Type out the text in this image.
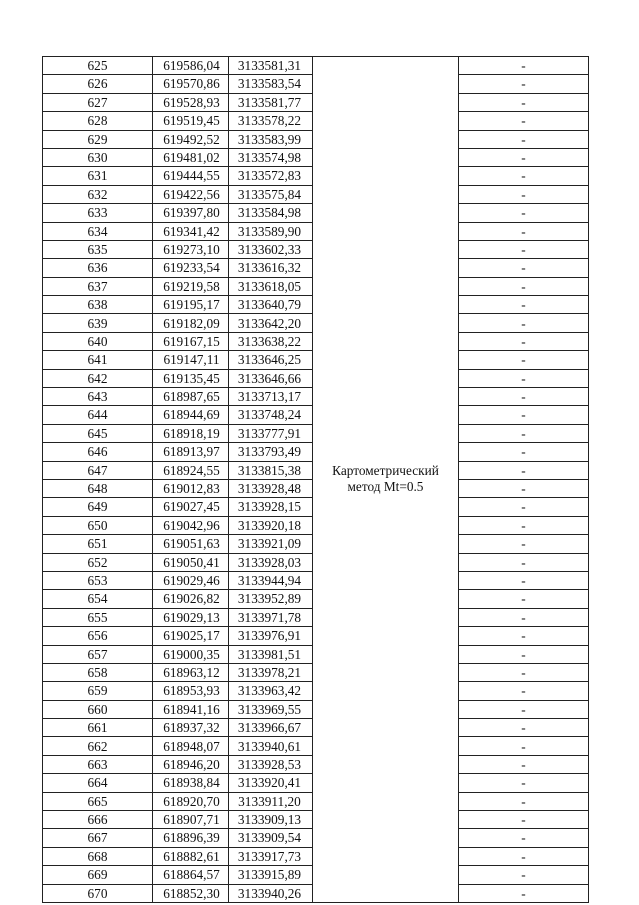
625	619586,04	3133581,31	Картометрический
метод Mt=0.5	-
626	619570,86	3133583,54		-
627	619528,93	3133581,77		-
628	619519,45	3133578,22		-
629	619492,52	3133583,99		-
630	619481,02	3133574,98		-
631	619444,55	3133572,83		-
632	619422,56	3133575,84		-
633	619397,80	3133584,98		-
634	619341,42	3133589,90		-
635	619273,10	3133602,33		-
636	619233,54	3133616,32		-
637	619219,58	3133618,05		-
638	619195,17	3133640,79		-
639	619182,09	3133642,20		-
640	619167,15	3133638,22		-
641	619147,11	3133646,25		-
642	619135,45	3133646,66		-
643	618987,65	3133713,17		-
644	618944,69	3133748,24		-
645	618918,19	3133777,91		-
646	618913,97	3133793,49		-
647	618924,55	3133815,38		-
648	619012,83	3133928,48		-
649	619027,45	3133928,15		-
650	619042,96	3133920,18		-
651	619051,63	3133921,09		-
652	619050,41	3133928,03		-
653	619029,46	3133944,94		-
654	619026,82	3133952,89		-
655	619029,13	3133971,78		-
656	619025,17	3133976,91		-
657	619000,35	3133981,51		-
658	618963,12	3133978,21		-
659	618953,93	3133963,42		-
660	618941,16	3133969,55		-
661	618937,32	3133966,67		-
662	618948,07	3133940,61		-
663	618946,20	3133928,53		-
664	618938,84	3133920,41		-
665	618920,70	3133911,20		-
666	618907,71	3133909,13		-
667	618896,39	3133909,54		-
668	618882,61	3133917,73		-
669	618864,57	3133915,89		-
670	618852,30	3133940,26		-
